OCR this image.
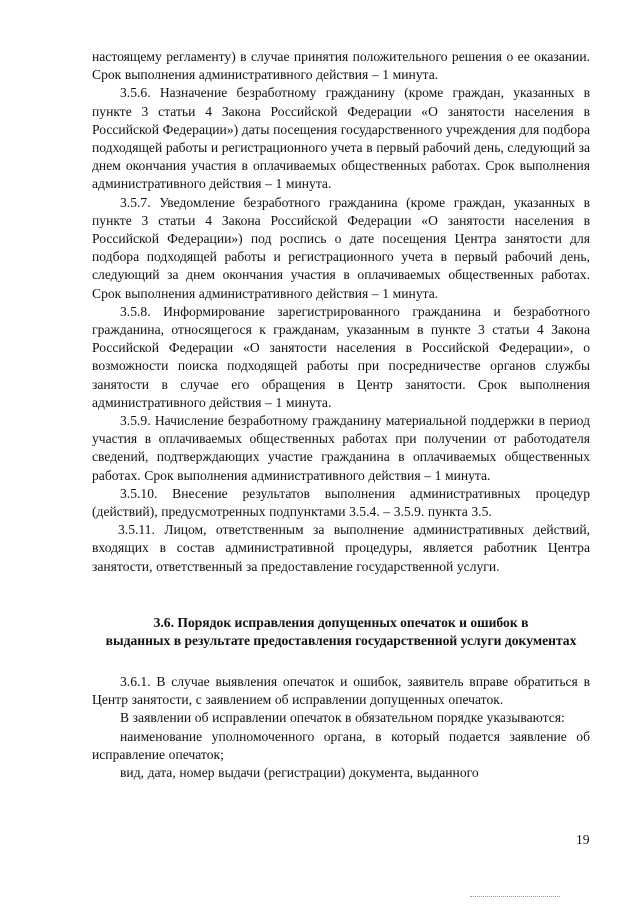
настоящему регламенту) в случае принятия положительного решения о ее оказании. Срок выполнения административного действия – 1 минута.

3.5.6. Назначение безработному гражданину (кроме граждан, указанных в пункте 3 статьи 4 Закона Российской Федерации «О занятости населения в Российской Федерации») даты посещения государственного учреждения для подбора подходящей работы и регистрационного учета в первый рабочий день, следующий за днем окончания участия в оплачиваемых общественных работах. Срок выполнения административного действия – 1 минута.

3.5.7. Уведомление безработного гражданина (кроме граждан, указанных в пункте 3 статьи 4 Закона Российской Федерации «О занятости населения в Российской Федерации») под роспись о дате посещения Центра занятости для подбора подходящей работы и регистрационного учета в первый рабочий день, следующий за днем окончания участия в оплачиваемых общественных работах. Срок выполнения административного действия – 1 минута.

3.5.8. Информирование зарегистрированного гражданина и безработного гражданина, относящегося к гражданам, указанным в пункте 3 статьи 4 Закона Российской Федерации «О занятости населения в Российской Федерации», о возможности поиска подходящей работы при посредничестве органов службы занятости в случае его обращения в Центр занятости. Срок выполнения административного действия – 1 минута.

3.5.9. Начисление безработному гражданину материальной поддержки в период участия в оплачиваемых общественных работах при получении от работодателя сведений, подтверждающих участие гражданина в оплачиваемых общественных работах. Срок выполнения административного действия – 1 минута.

3.5.10. Внесение результатов выполнения административных процедур (действий), предусмотренных подпунктами 3.5.4. – 3.5.9. пункта 3.5.

3.5.11. Лицом, ответственным за выполнение административных действий, входящих в состав административной процедуры, является работник Центра занятости, ответственный за предоставление государственной услуги.

3.6. Порядок исправления допущенных опечаток и ошибок в

выданных в результате предоставления государственной услуги документах

3.6.1. В случае выявления опечаток и ошибок, заявитель вправе обратиться в Центр занятости, с заявлением об исправлении допущенных опечаток.

В заявлении об исправлении опечаток в обязательном порядке указываются:

наименование уполномоченного органа, в который подается заявление об исправление опечаток;

вид, дата, номер выдачи (регистрации) документа, выданного

19
